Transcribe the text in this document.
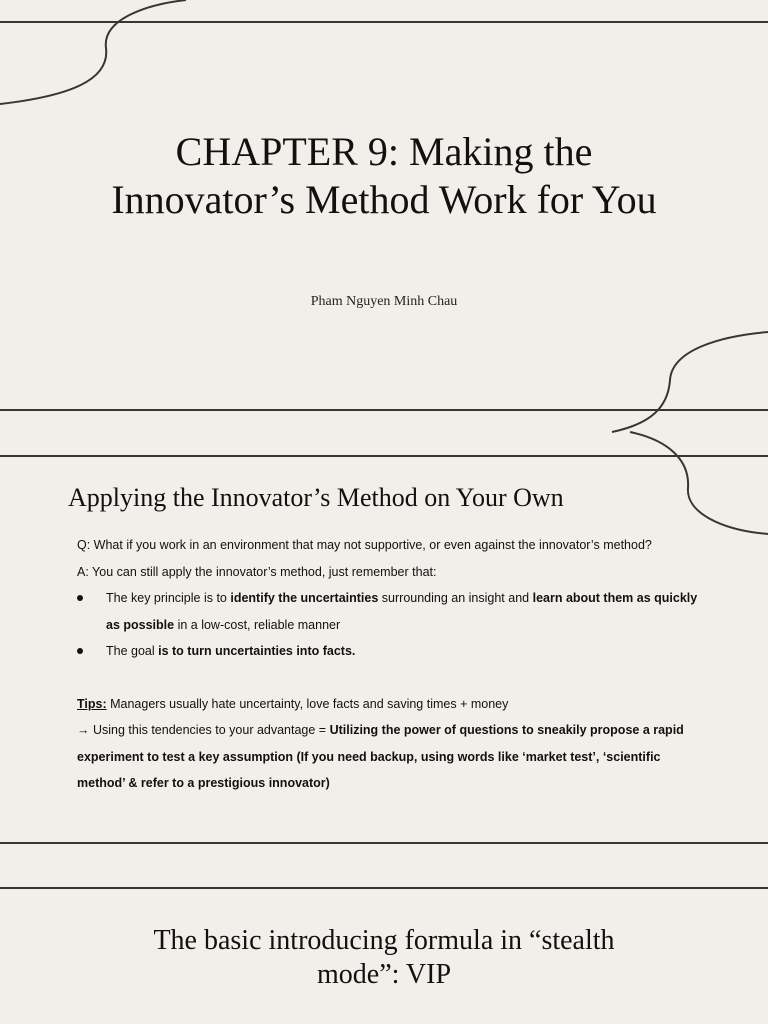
CHAPTER 9: Making the Innovator’s Method Work for You
Pham Nguyen Minh Chau
Applying the Innovator’s Method on Your Own

Q: What if you work in an environment that may not supportive, or even against the innovator’s method?

A: You can still apply the innovator’s method, just remember that:

The key principle is to identify the uncertainties surrounding an insight and learn about them as quickly as possible in a low-cost, reliable manner
The goal is to turn uncertainties into facts.

Tips: Managers usually hate uncertainty, love facts and saving times + money

→ Using this tendencies to your advantage = Utilizing the power of questions to sneakily propose a rapid experiment to test a key assumption (If you need backup, using words like ‘market test’, ‘scientific method’ & refer to a prestigious innovator)

The basic introducing formula in “stealth mode”: VIP
